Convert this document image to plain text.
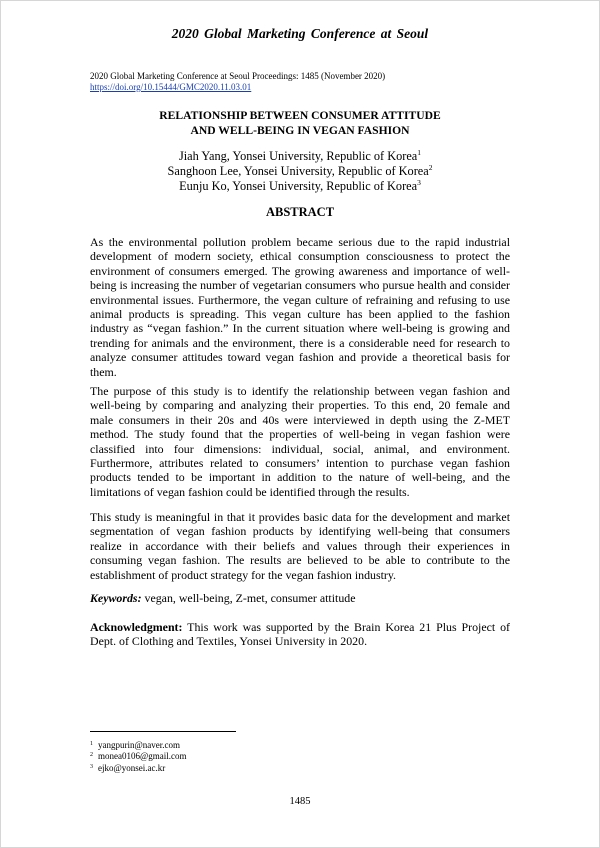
2020 Global Marketing Conference at Seoul
2020 Global Marketing Conference at Seoul Proceedings: 1485 (November 2020)
https://doi.org/10.15444/GMC2020.11.03.01
RELATIONSHIP BETWEEN CONSUMER ATTITUDE
AND WELL-BEING IN VEGAN FASHION
Jiah Yang, Yonsei University, Republic of Korea$^1$
Sanghoon Lee, Yonsei University, Republic of Korea$^2$
Eunju Ko, Yonsei University, Republic of Korea$^3$
ABSTRACT

As the environmental pollution problem became serious due to the rapid industrial development of modern society, ethical consumption consciousness to protect the environment of consumers emerged. The growing awareness and importance of well-being is increasing the number of vegetarian consumers who pursue health and consider environmental issues. Furthermore, the vegan culture of refraining and refusing to use animal products is spreading. This vegan culture has been applied to the fashion industry as “vegan fashion.” In the current situation where well-being is growing and trending for animals and the environment, there is a considerable need for research to analyze consumer attitudes toward vegan fashion and provide a theoretical basis for them.

The purpose of this study is to identify the relationship between vegan fashion and well-being by comparing and analyzing their properties. To this end, 20 female and male consumers in their 20s and 40s were interviewed in depth using the Z-MET method. The study found that the properties of well-being in vegan fashion were classified into four dimensions: individual, social, animal, and environment. Furthermore, attributes related to consumers’ intention to purchase vegan fashion products tended to be important in addition to the nature of well-being, and the limitations of vegan fashion could be identified through the results.

This study is meaningful in that it provides basic data for the development and market segmentation of vegan fashion products by identifying well-being that consumers realize in accordance with their beliefs and values through their experiences in consuming vegan fashion. The results are believed to be able to contribute to the establishment of product strategy for the vegan fashion industry.

Keywords: vegan, well-being, Z-met, consumer attitude

Acknowledgment: This work was supported by the Brain Korea 21 Plus Project of Dept. of Clothing and Textiles, Yonsei University in 2020.

$^1$ yangpurin@naver.com
$^2$ monea0106@gmail.com
$^3$ ejko@yonsei.ac.kr
1485
